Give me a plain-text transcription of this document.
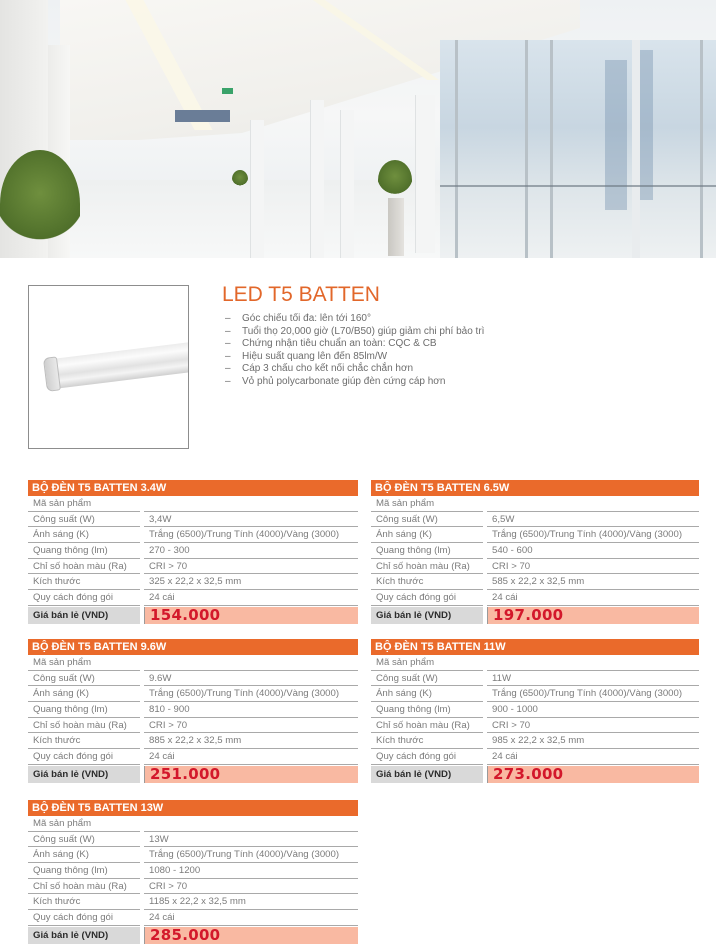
LED T5 BATTEN
– Góc chiếu tối đa: lên tới 160°
– Tuổi thọ 20,000 giờ (L70/B50) giúp giảm chi phí bảo trì
– Chứng nhận tiêu chuẩn an toàn: CQC & CB
– Hiệu suất quang lên đến 85lm/W
– Cáp 3 chấu cho kết nối chắc chắn hơn
– Vỏ phủ polycarbonate giúp đèn cứng cáp hơn
BỘ ĐÈN T5 BATTEN 3.4W
Mã sản phẩm
Công suất (W)	3,4W
Ánh sáng (K)	Trắng (6500)/Trung Tính (4000)/Vàng (3000)
Quang thông (lm)	270 - 300
Chỉ số hoàn màu (Ra)	CRI > 70
Kích thước	325 x 22,2 x 32,5 mm
Quy cách đóng gói	24 cái
Giá bán lẻ (VND)	154.000
BỘ ĐÈN T5 BATTEN 6.5W
Mã sản phẩm
Công suất (W)	6,5W
Ánh sáng (K)	Trắng (6500)/Trung Tính (4000)/Vàng (3000)
Quang thông (lm)	540 - 600
Chỉ số hoàn màu (Ra)	CRI > 70
Kích thước	585 x 22,2 x 32,5 mm
Quy cách đóng gói	24 cái
Giá bán lẻ (VND)	197.000
BỘ ĐÈN T5 BATTEN 9.6W
Mã sản phẩm
Công suất (W)	9.6W
Ánh sáng (K)	Trắng (6500)/Trung Tính (4000)/Vàng (3000)
Quang thông (lm)	810 - 900
Chỉ số hoàn màu (Ra)	CRI > 70
Kích thước	885 x 22,2 x 32,5 mm
Quy cách đóng gói	24 cái
Giá bán lẻ (VND)	251.000
BỘ ĐÈN T5 BATTEN 11W
Mã sản phẩm
Công suất (W)	11W
Ánh sáng (K)	Trắng (6500)/Trung Tính (4000)/Vàng (3000)
Quang thông (lm)	900 - 1000
Chỉ số hoàn màu (Ra)	CRI > 70
Kích thước	985 x 22,2 x 32,5 mm
Quy cách đóng gói	24 cái
Giá bán lẻ (VND)	273.000
BỘ ĐÈN T5 BATTEN 13W
Mã sản phẩm
Công suất (W)	13W
Ánh sáng (K)	Trắng (6500)/Trung Tính (4000)/Vàng (3000)
Quang thông (lm)	1080 - 1200
Chỉ số hoàn màu (Ra)	CRI > 70
Kích thước	1185 x 22,2 x 32,5 mm
Quy cách đóng gói	24 cái
Giá bán lẻ (VND)	285.000
